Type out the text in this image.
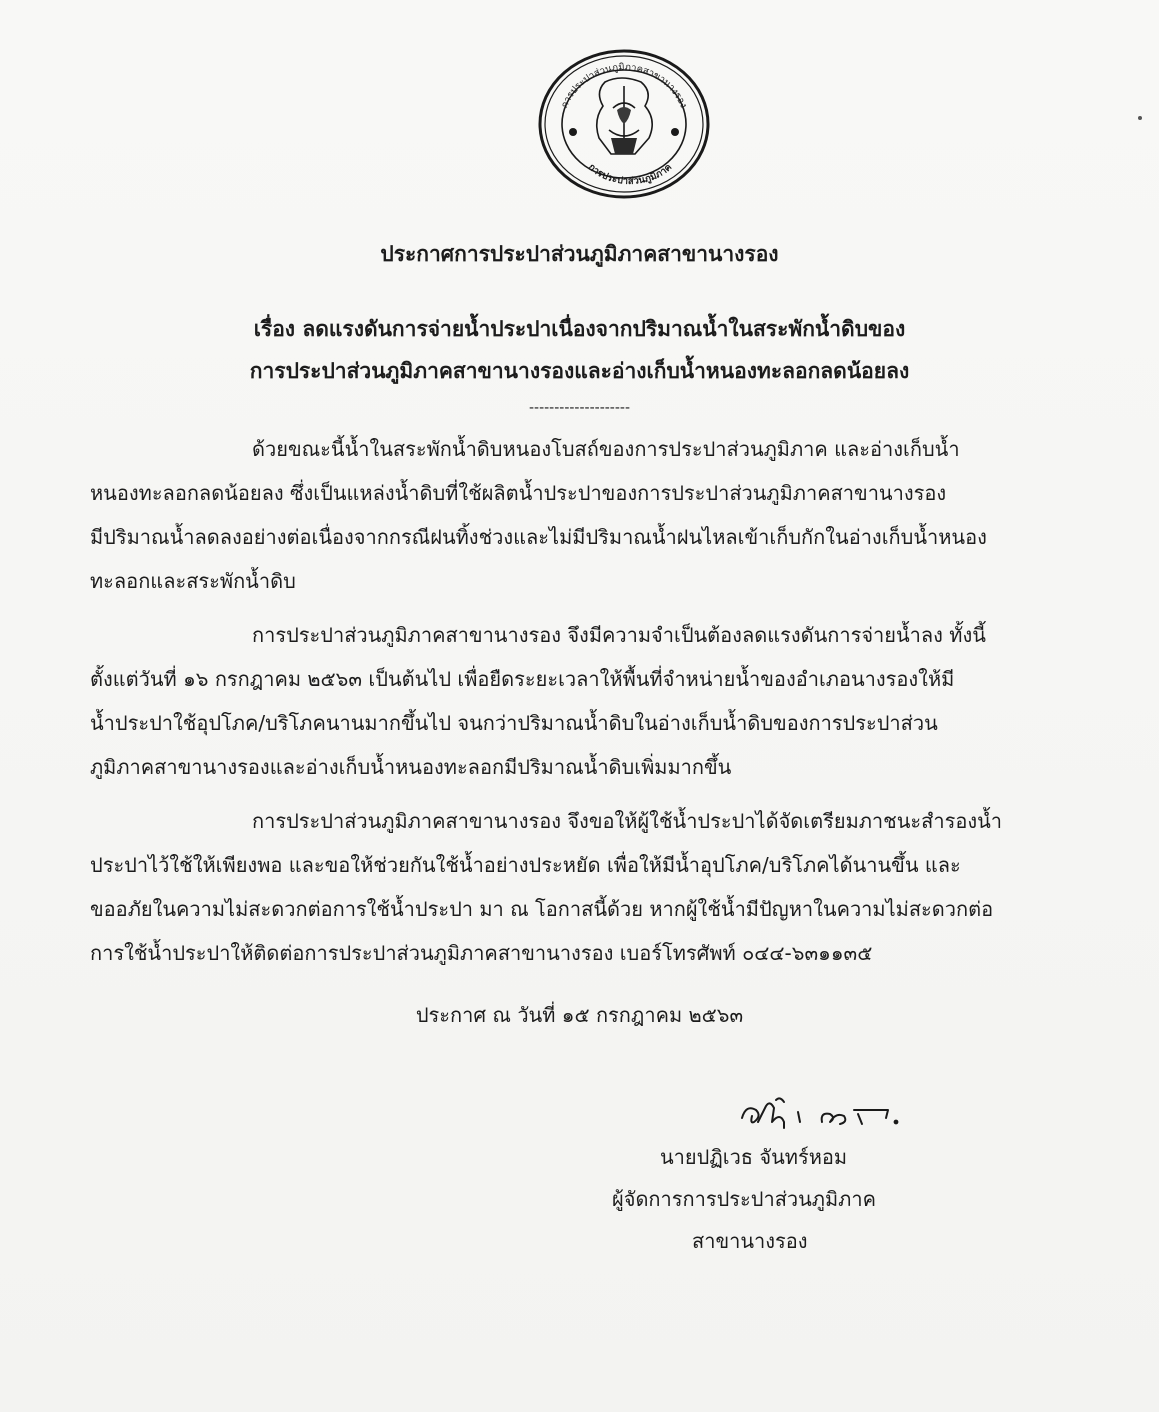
การประปาส่วนภูมิภาคสาขานางรอง
การประปาส่วนภูมิภาค
ประกาศการประปาส่วนภูมิภาคสาขานางรอง
เรื่อง ลดแรงดันการจ่ายน้ำประปาเนื่องจากปริมาณน้ำในสระพักน้ำดิบของ
การประปาส่วนภูมิภาคสาขานางรองและอ่างเก็บน้ำหนองทะลอกลดน้อยลง
--------------------
ด้วยขณะนี้น้ำในสระพักน้ำดิบหนองโบสถ์ของการประปาส่วนภูมิภาค และอ่างเก็บน้ำ
หนองทะลอกลดน้อยลง ซึ่งเป็นแหล่งน้ำดิบที่ใช้ผลิตน้ำประปาของการประปาส่วนภูมิภาคสาขานางรอง
มีปริมาณน้ำลดลงอย่างต่อเนื่องจากกรณีฝนทิ้งช่วงและไม่มีปริมาณน้ำฝนไหลเข้าเก็บกักในอ่างเก็บน้ำหนอง
ทะลอกและสระพักน้ำดิบ
การประปาส่วนภูมิภาคสาขานางรอง จึงมีความจำเป็นต้องลดแรงดันการจ่ายน้ำลง ทั้งนี้
ตั้งแต่วันที่ ๑๖ กรกฎาคม ๒๕๖๓ เป็นต้นไป เพื่อยืดระยะเวลาให้พื้นที่จำหน่ายน้ำของอำเภอนางรองให้มี
น้ำประปาใช้อุปโภค/บริโภคนานมากขึ้นไป จนกว่าปริมาณน้ำดิบในอ่างเก็บน้ำดิบของการประปาส่วน
ภูมิภาคสาขานางรองและอ่างเก็บน้ำหนองทะลอกมีปริมาณน้ำดิบเพิ่มมากขึ้น
การประปาส่วนภูมิภาคสาขานางรอง จึงขอให้ผู้ใช้น้ำประปาได้จัดเตรียมภาชนะสำรองน้ำ
ประปาไว้ใช้ให้เพียงพอ และขอให้ช่วยกันใช้น้ำอย่างประหยัด เพื่อให้มีน้ำอุปโภค/บริโภคได้นานขึ้น และ
ขออภัยในความไม่สะดวกต่อการใช้น้ำประปา มา ณ โอกาสนี้ด้วย หากผู้ใช้น้ำมีปัญหาในความไม่สะดวกต่อ
การใช้น้ำประปาให้ติดต่อการประปาส่วนภูมิภาคสาขานางรอง เบอร์โทรศัพท์ ๐๔๔-๖๓๑๑๓๕
ประกาศ ณ วันที่ ๑๕ กรกฎาคม ๒๕๖๓
นายปฏิเวธ จันทร์หอม
ผู้จัดการการประปาส่วนภูมิภาค
สาขานางรอง
